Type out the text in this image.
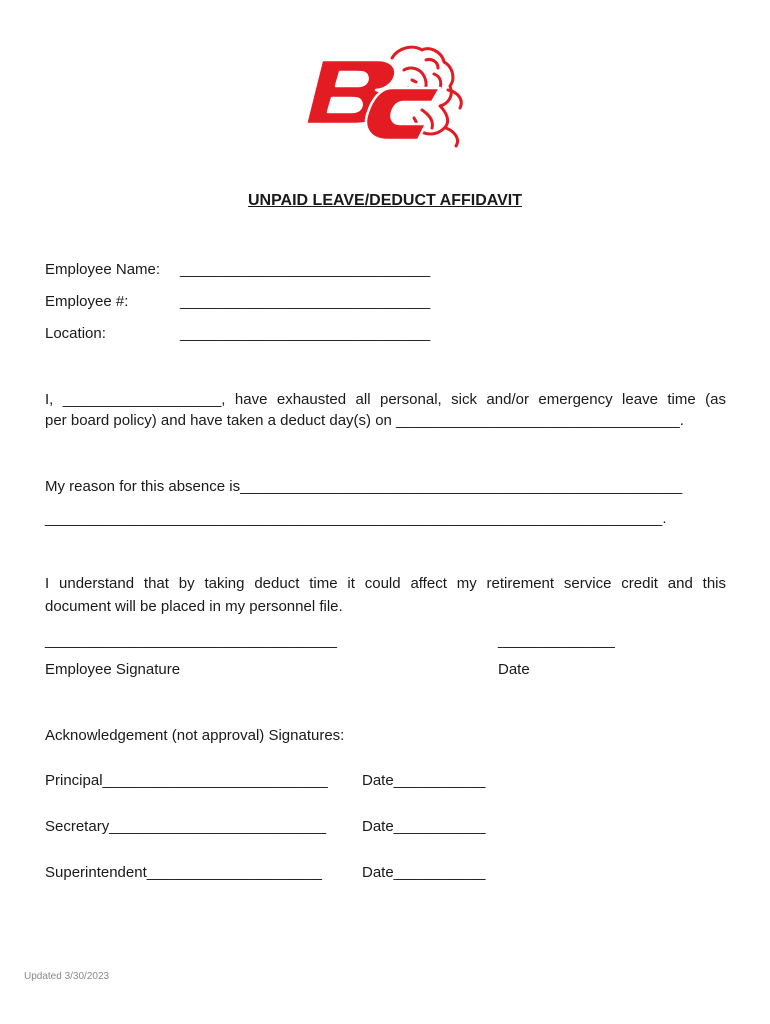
UNPAID LEAVE/DEDUCT AFFIDAVIT
Employee Name: ______________________________
Employee #:	______________________________
Location:	______________________________
I, ___________________, have exhausted all personal, sick and/or emergency leave time (as
per board policy) and have taken a deduct day(s) on __________________________________.
My reason for this absence is_____________________________________________________
__________________________________________________________________________.
I understand that by taking deduct time it could affect my retirement service credit and this
document will be placed in my personnel file.
___________________________________	______________
Employee Signature	Date
Acknowledgement (not approval) Signatures:
Principal___________________________ Date___________
Secretary__________________________ Date___________
Superintendent_____________________	Date___________
Updated 3/30/2023
